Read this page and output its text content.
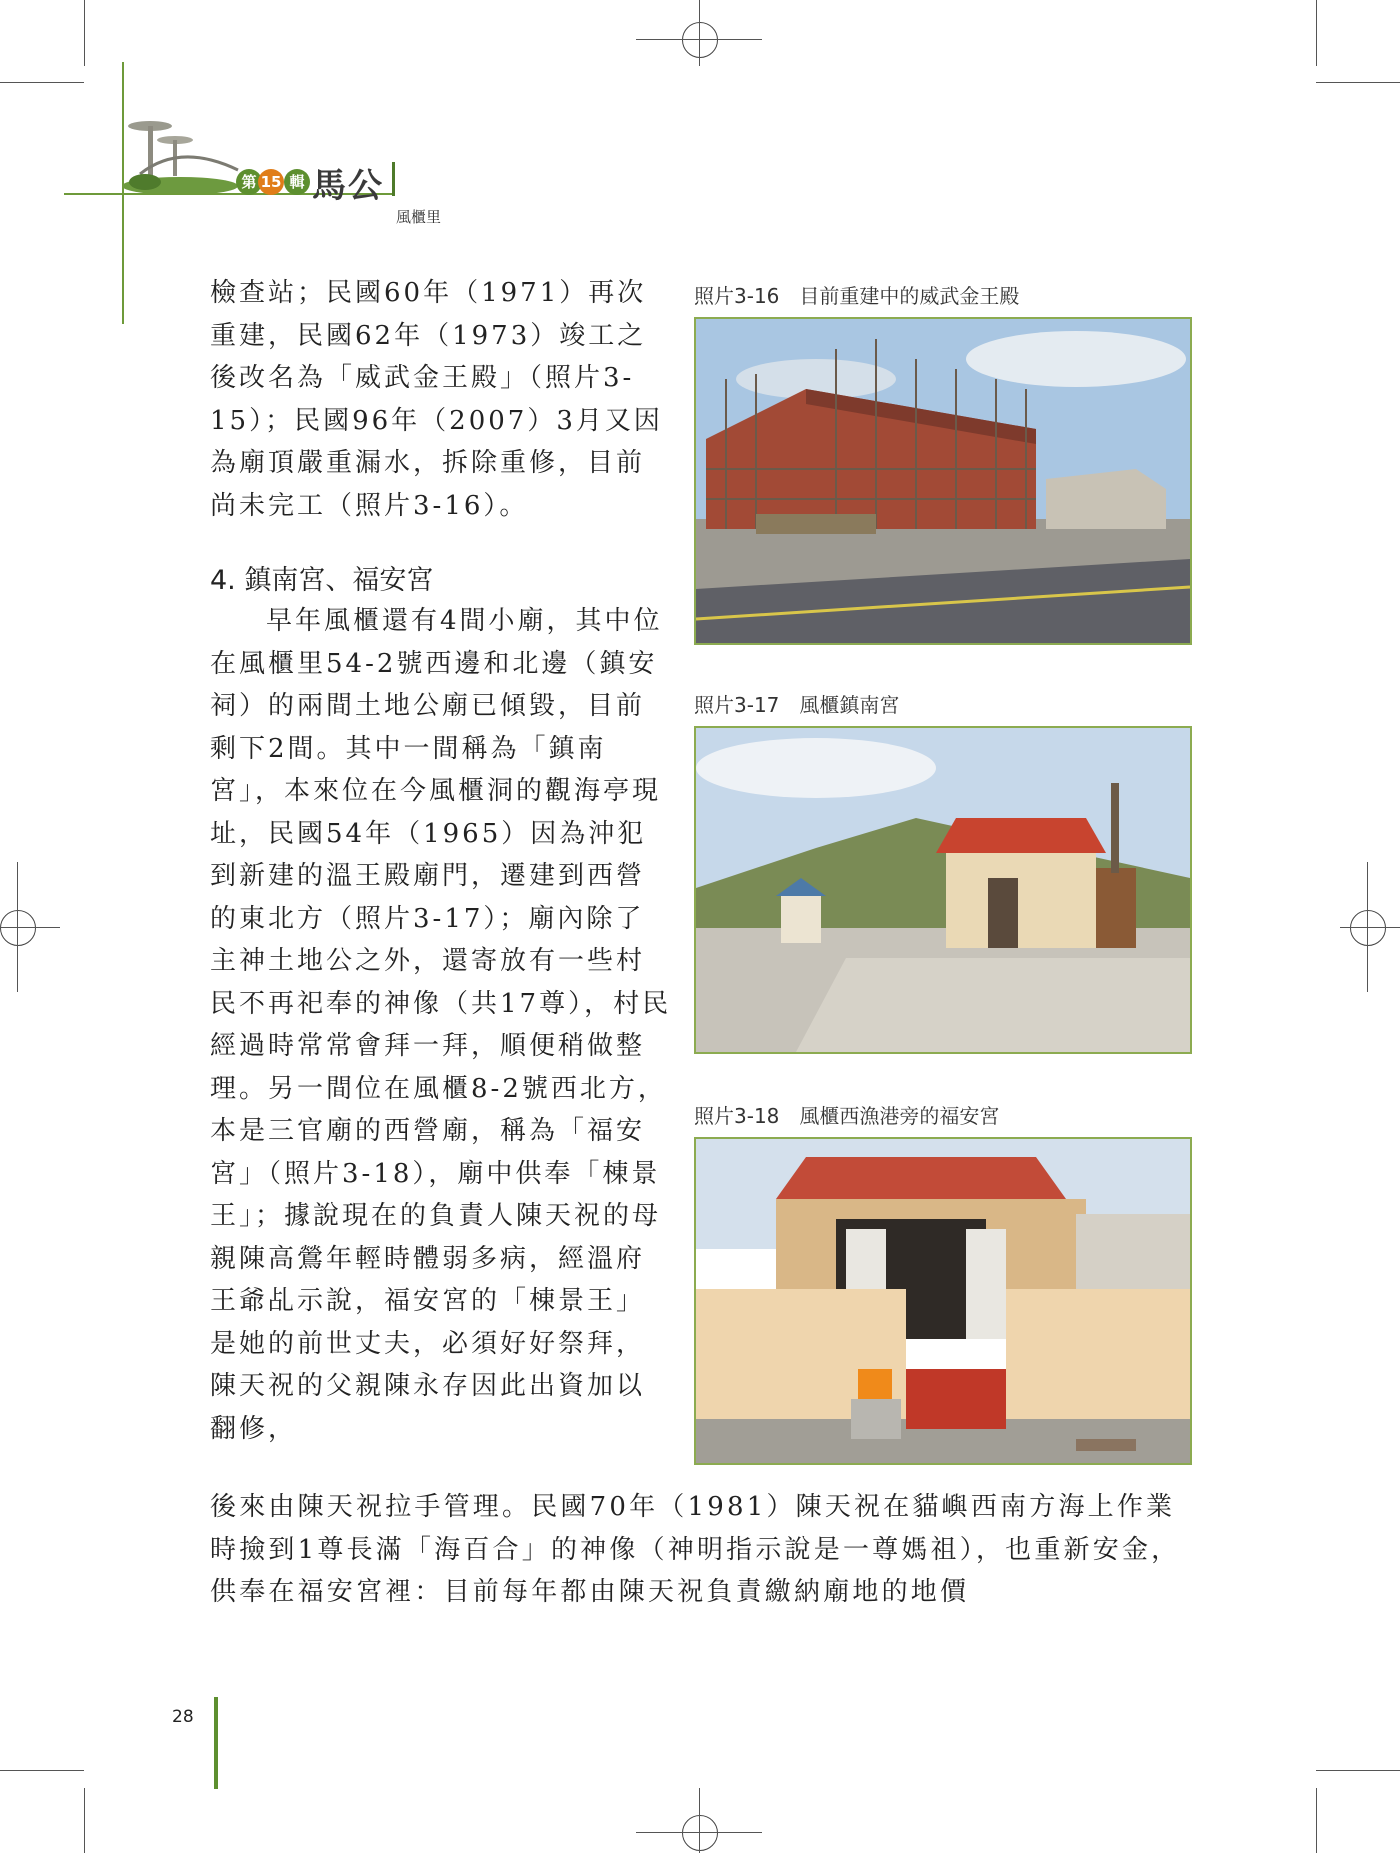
第 15 輯 馬公
風櫃里
檢查站；民國60年（1971）再次重建，民國62年（1973）竣工之後改名為「威武金王殿」（照片3-15）；民國96年（2007）3月又因為廟頂嚴重漏水，拆除重修，目前尚未完工（照片3-16）。
4. 鎮南宮、福安宮
早年風櫃還有4間小廟，其中位在風櫃里54-2號西邊和北邊（鎮安祠）的兩間土地公廟已傾毀，目前剩下2間。其中一間稱為「鎮南宮」，本來位在今風櫃洞的觀海亭現址，民國54年（1965）因為沖犯到新建的溫王殿廟門，遷建到西營的東北方（照片3-17）；廟內除了主神土地公之外，還寄放有一些村民不再祀奉的神像（共17尊），村民經過時常常會拜一拜，順便稍做整理。另一間位在風櫃8-2號西北方，本是三官廟的西營廟，稱為「福安宮」（照片3-18），廟中供奉「棟景王」；據說現在的負責人陳天祝的母親陳高鶯年輕時體弱多病，經溫府王爺乩示說，福安宮的「棟景王」是她的前世丈夫，必須好好祭拜，陳天祝的父親陳永存因此出資加以翻修，
後來由陳天祝拉手管理。民國70年（1981）陳天祝在貓嶼西南方海上作業時撿到1尊長滿「海百合」的神像（神明指示說是一尊媽祖），也重新安金，供奉在福安宮裡：目前每年都由陳天祝負責繳納廟地的地價
照片3-16　目前重建中的威武金王殿
照片3-17　風櫃鎮南宮
照片3-18　風櫃西漁港旁的福安宮
28
